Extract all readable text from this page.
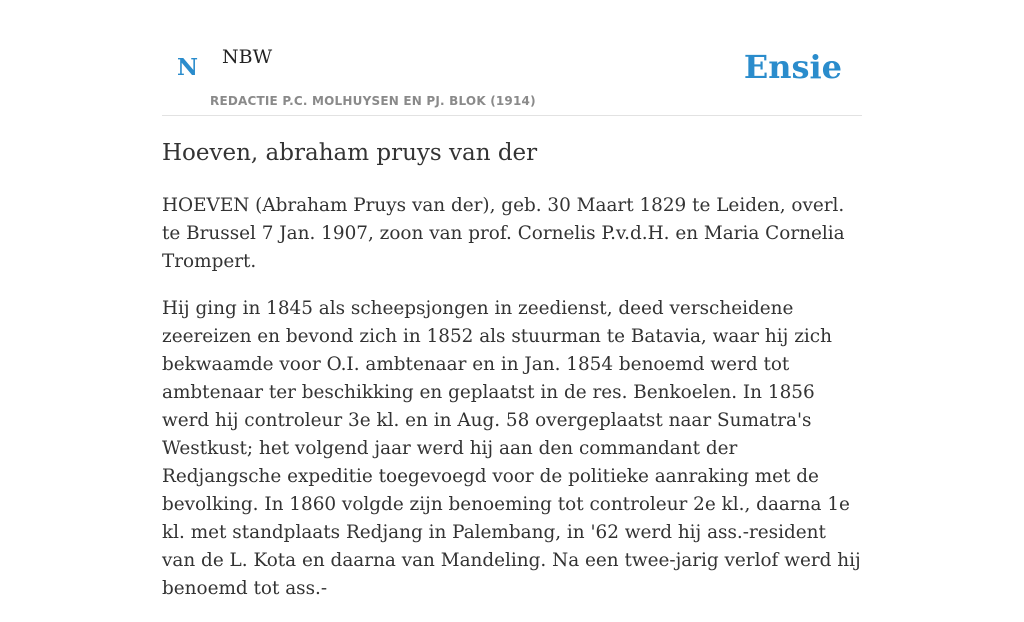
N NBW
REDACTIE P.C. MOLHUYSEN EN PJ. BLOK (1914)
Ensie
Hoeven, abraham pruys van der

HOEVEN (Abraham Pruys van der), geb. 30 Maart 1829 te Leiden, overl. te Brussel 7 Jan. 1907, zoon van prof. Cornelis P.v.d.H. en Maria Cornelia Trompert.

Hij ging in 1845 als scheepsjongen in zeedienst, deed verscheidene zeereizen en bevond zich in 1852 als stuurman te Batavia, waar hij zich bekwaamde voor O.I. ambtenaar en in Jan. 1854 benoemd werd tot ambtenaar ter beschikking en geplaatst in de res. Benkoelen. In 1856 werd hij controleur 3e kl. en in Aug. 58 overgeplaatst naar Sumatra's Westkust; het volgend jaar werd hij aan den commandant der Redjangsche expeditie toegevoegd voor de politieke aanraking met de bevolking. In 1860 volgde zijn benoeming tot controleur 2e kl., daarna 1e kl. met standplaats Redjang in Palembang, in '62 werd hij ass.-resident van de L. Kota en daarna van Mandeling. Na een twee-jarig verlof werd hij benoemd tot ass.-
